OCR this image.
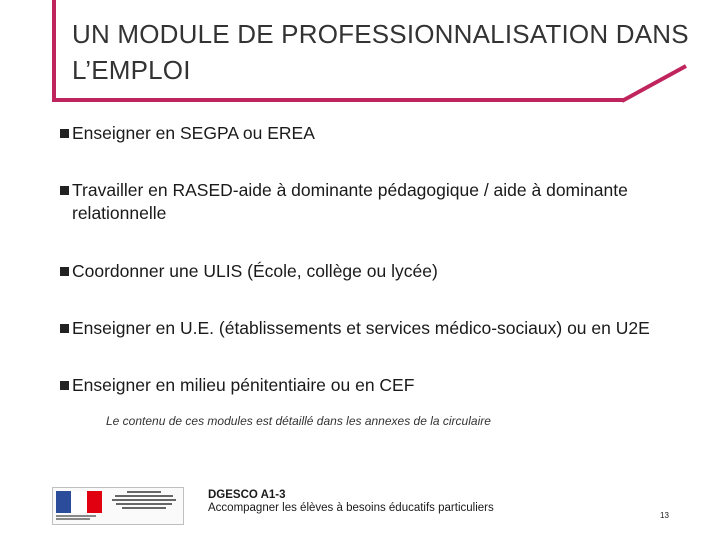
UN MODULE DE PROFESSIONNALISATION DANS L’EMPLOI
Enseigner en SEGPA ou EREA
Travailler en RASED-aide à dominante pédagogique / aide à dominante relationnelle
Coordonner une ULIS (École, collège ou lycée)
Enseigner en U.E. (établissements et services médico-sociaux) ou en U2E
Enseigner en milieu pénitentiaire ou en CEF
Le contenu de ces modules est détaillé dans les annexes de la circulaire
DGESCO A1-3
Accompagner les élèves à besoins éducatifs particuliers
13
